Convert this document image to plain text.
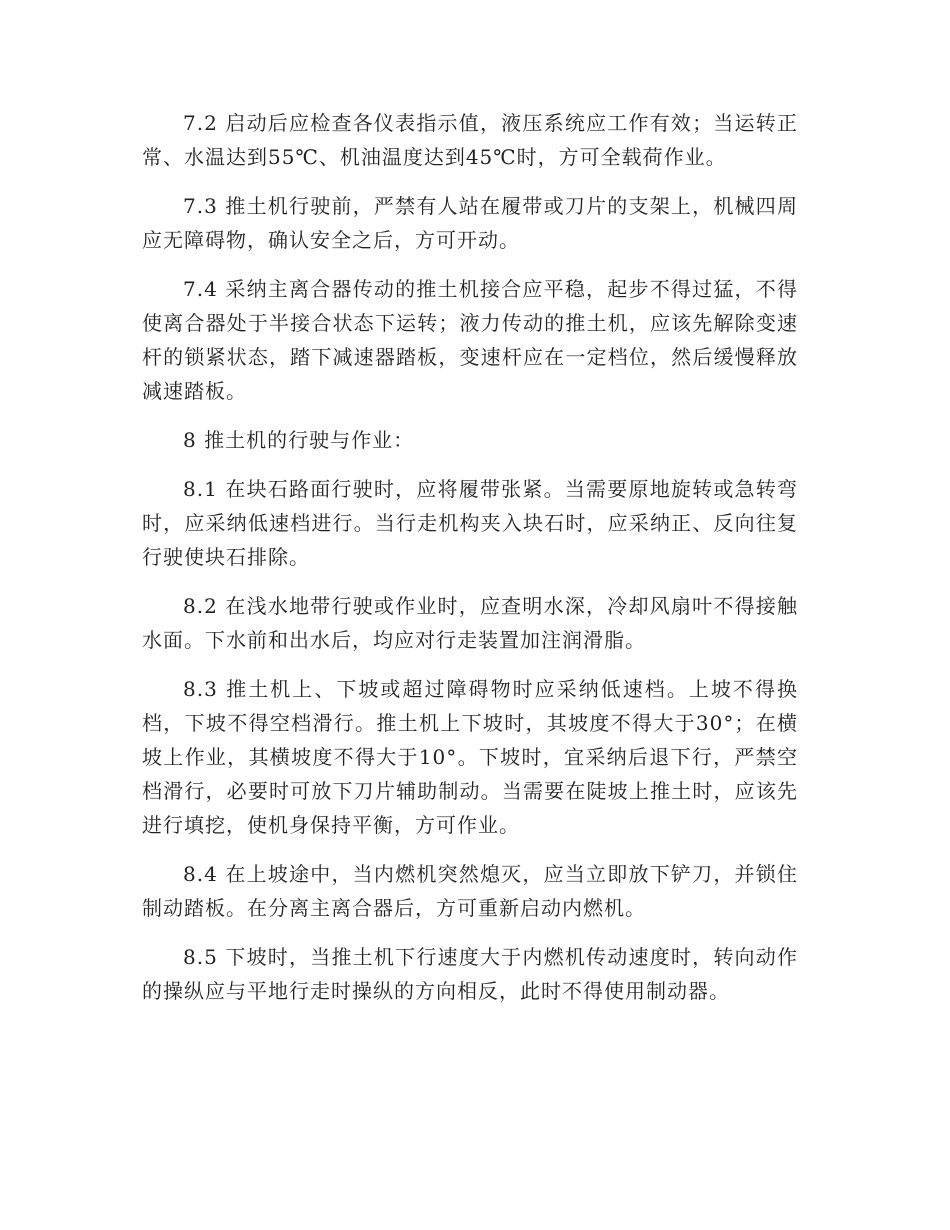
7.2 启动后应检查各仪表指示值，液压系统应工作有效；当运转正常、水温达到55℃、机油温度达到45℃时，方可全载荷作业。

7.3 推土机行驶前，严禁有人站在履带或刀片的支架上，机械四周应无障碍物，确认安全之后，方可开动。

7.4 采纳主离合器传动的推土机接合应平稳，起步不得过猛，不得使离合器处于半接合状态下运转；液力传动的推土机，应该先解除变速杆的锁紧状态，踏下减速器踏板，变速杆应在一定档位，然后缓慢释放减速踏板。

8 推土机的行驶与作业：

8.1 在块石路面行驶时，应将履带张紧。当需要原地旋转或急转弯时，应采纳低速档进行。当行走机构夹入块石时，应采纳正、反向往复行驶使块石排除。

8.2 在浅水地带行驶或作业时，应查明水深，冷却风扇叶不得接触水面。下水前和出水后，均应对行走装置加注润滑脂。

8.3 推土机上、下坡或超过障碍物时应采纳低速档。上坡不得换档，下坡不得空档滑行。推土机上下坡时，其坡度不得大于30°；在横坡上作业，其横坡度不得大于10°。下坡时，宜采纳后退下行，严禁空档滑行，必要时可放下刀片辅助制动。当需要在陡坡上推土时，应该先进行填挖，使机身保持平衡，方可作业。

8.4 在上坡途中，当内燃机突然熄灭，应当立即放下铲刀，并锁住制动踏板。在分离主离合器后，方可重新启动内燃机。

8.5 下坡时，当推土机下行速度大于内燃机传动速度时，转向动作的操纵应与平地行走时操纵的方向相反，此时不得使用制动器。
